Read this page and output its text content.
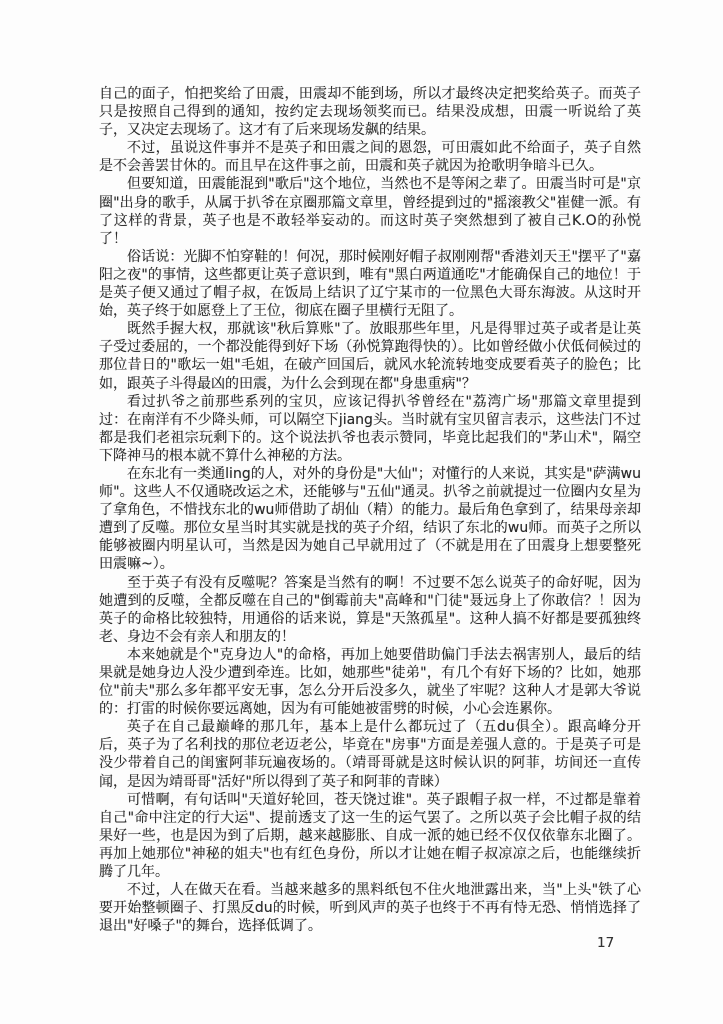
自己的面子，怕把奖给了田震，田震却不能到场，所以才最终决定把奖给英子。而英子只是按照自己得到的通知，按约定去现场领奖而已。结果没成想，田震一听说给了英子，又决定去现场了。这才有了后来现场发飙的结果。

不过，虽说这件事并不是英子和田震之间的恩怨，可田震如此不给面子，英子自然是不会善罢甘休的。而且早在这件事之前，田震和英子就因为抢歌明争暗斗已久。

但要知道，田震能混到"歌后"这个地位，当然也不是等闲之辈了。田震当时可是"京圈"出身的歌手，从属于扒爷在京圈那篇文章里，曾经提到过的"摇滚教父"崔健一派。有了这样的背景，英子也是不敢轻举妄动的。而这时英子突然想到了被自己K.O的孙悦了！

俗话说：光脚不怕穿鞋的！何况，那时候刚好帽子叔刚刚帮"香港刘天王"摆平了"嘉阳之夜"的事情，这些都更让英子意识到，唯有"黑白两道通吃"才能确保自己的地位！于是英子便又通过了帽子叔，在饭局上结识了辽宁某市的一位黑色大哥东海波。从这时开始，英子终于如愿登上了王位，彻底在圈子里横行无阻了。

既然手握大权，那就该"秋后算账"了。放眼那些年里，凡是得罪过英子或者是让英子受过委屈的，一个都没能得到好下场（孙悦算跑得快的）。比如曾经做小伏低伺候过的那位昔日的"歌坛一姐"毛姐，在破产回国后，就风水轮流转地变成要看英子的脸色；比如，跟英子斗得最凶的田震，为什么会到现在都"身患重病"？

看过扒爷之前那些系列的宝贝，应该记得扒爷曾经在"荔湾广场"那篇文章里提到过：在南洋有不少降头师，可以隔空下jiang头。当时就有宝贝留言表示，这些法门不过都是我们老祖宗玩剩下的。这个说法扒爷也表示赞同，毕竟比起我们的"茅山术"，隔空下降神马的根本就不算什么神秘的方法。

在东北有一类通ling的人，对外的身份是"大仙"；对懂行的人来说，其实是"萨满wu师"。这些人不仅通晓改运之术，还能够与"五仙"通灵。扒爷之前就提过一位圈内女星为了拿角色，不惜找东北的wu师借助了胡仙（精）的能力。最后角色拿到了，结果母亲却遭到了反噬。那位女星当时其实就是找的英子介绍，结识了东北的wu师。而英子之所以能够被圈内明星认可，当然是因为她自己早就用过了（不就是用在了田震身上想要整死田震嘛~）。

至于英子有没有反噬呢？答案是当然有的啊！不过要不怎么说英子的命好呢，因为她遭到的反噬，全都反噬在自己的"倒霉前夫"高峰和"门徒"聂远身上了你敢信？！因为英子的命格比较独特，用通俗的话来说，算是"天煞孤星"。这种人搞不好都是要孤独终老、身边不会有亲人和朋友的！

本来她就是个"克身边人"的命格，再加上她要借助偏门手法去祸害别人，最后的结果就是她身边人没少遭到牵连。比如，她那些"徒弟"，有几个有好下场的？比如，她那位"前夫"那么多年都平安无事，怎么分开后没多久，就坐了牢呢？这种人才是郭大爷说的：打雷的时候你要远离她，因为有可能她被雷劈的时候，小心会连累你。

英子在自己最巅峰的那几年，基本上是什么都玩过了（五du俱全）。跟高峰分开后，英子为了名利找的那位老迈老公，毕竟在"房事"方面是差强人意的。于是英子可是没少带着自己的闺蜜阿菲玩遍夜场的。（靖哥哥就是这时候认识的阿菲，坊间还一直传闻，是因为靖哥哥"活好"所以得到了英子和阿菲的青睐）

可惜啊，有句话叫"天道好轮回，苍天饶过谁"。英子跟帽子叔一样，不过都是靠着自己"命中注定的行大运"、提前透支了这一生的运气罢了。之所以英子会比帽子叔的结果好一些，也是因为到了后期，越来越膨胀、自成一派的她已经不仅仅依靠东北圈了。再加上她那位"神秘的姐夫"也有红色身份，所以才让她在帽子叔凉凉之后，也能继续折腾了几年。

不过，人在做天在看。当越来越多的黑料纸包不住火地泄露出来，当"上头"铁了心要开始整顿圈子、打黑反du的时候，听到风声的英子也终于不再有恃无恐、悄悄选择了退出"好嗓子"的舞台，选择低调了。

17
